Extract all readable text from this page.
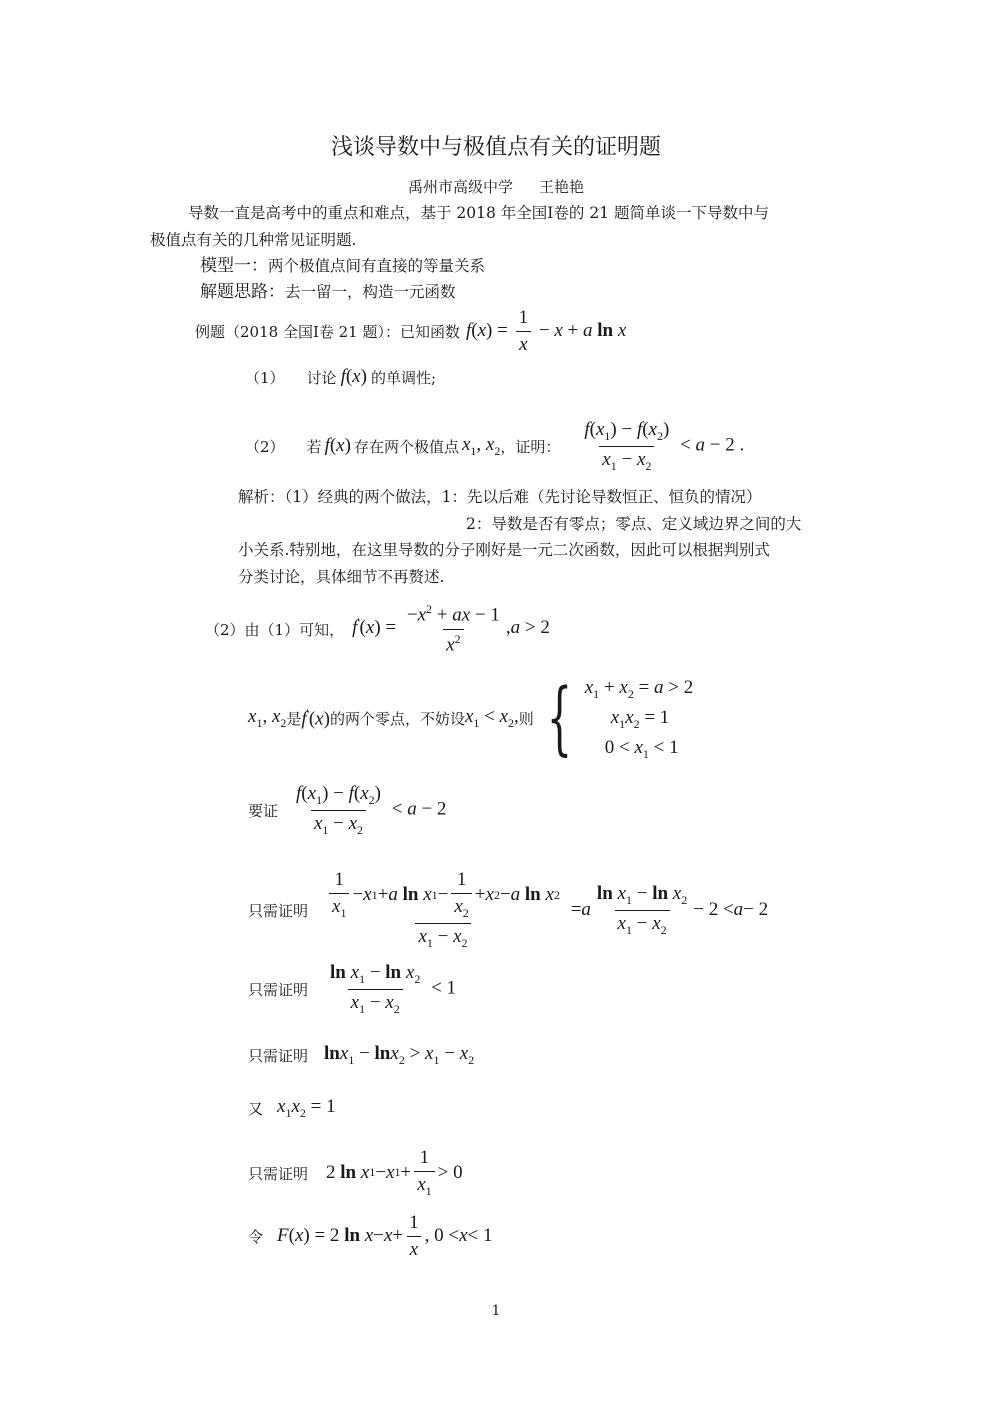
浅谈导数中与极值点有关的证明题
禹州市高级中学 王艳艳
导数一直是高考中的重点和难点，基于 2018 年全国Ⅰ卷的 21 题简单谈一下导数中与
极值点有关的几种常见证明题.
模型一：两个极值点间有直接的等量关系
解题思路：去一留一，构造一元函数
例题（2018 全国Ⅰ卷 21 题）：已知函数 $f(x) = \frac{1}{x} - x + a$ ln x
（1） 讨论 f(x) 的单调性;
（2） 若 f(x) 存在两个极值点 $x_1$, $x_2$ ，证明： $\frac{f(x_1) - f(x_2)}{x_1 - x_2} < a - 2$ .
解析：（1）经典的两个做法，1：先以后难（先讨论导数恒正、恒负的情况）
2：导数是否有零点；零点、定义域边界之间的大
小关系.特别地，在这里导数的分子刚好是一元二次函数，因此可以根据判别式
分类讨论，具体细节不再赘述.
（2）由（1）可知， $f'(x) = \frac{-x^2 + ax - 1}{x^2} ,a > 2$
$x_1$, $x_2$ 是 f'(x) 的两个零点，不妨设 $x_1 < x_2$, 则 { $x_1 + x_2 = a > 2$
$x_1x_2 = 1$
$0 < x_1 < 1$
要证 $\frac{f(x_1) - f(x_2)}{x_1 - x_2} < a - 2$
只需证明 $\frac{1}{x_1} - x$ 1 + a
ln
x $1 - \frac{1}{x_2} + x$ 2 − a
ln
x 2
$x_1 - x_2$
= a $\frac{\ln x_1 - \ln x_2}{x_1 - x_2} - 2 < a - 2$
只需证明 $\frac{\ln x_1 - \ln x_2}{x_1 - x_2} < 1$
只需证明 $\ln x_1 - \ln x_2 > x_1 - x_2$
又 $x_1x_2 = 1$
只需证明 2 ln
x 1 − x $1 + \frac{1}{x_1} > 0$
令 F ( x ) = 2 ln
$x - x + \frac{1}{x}$ , 0 < x < 1
1
